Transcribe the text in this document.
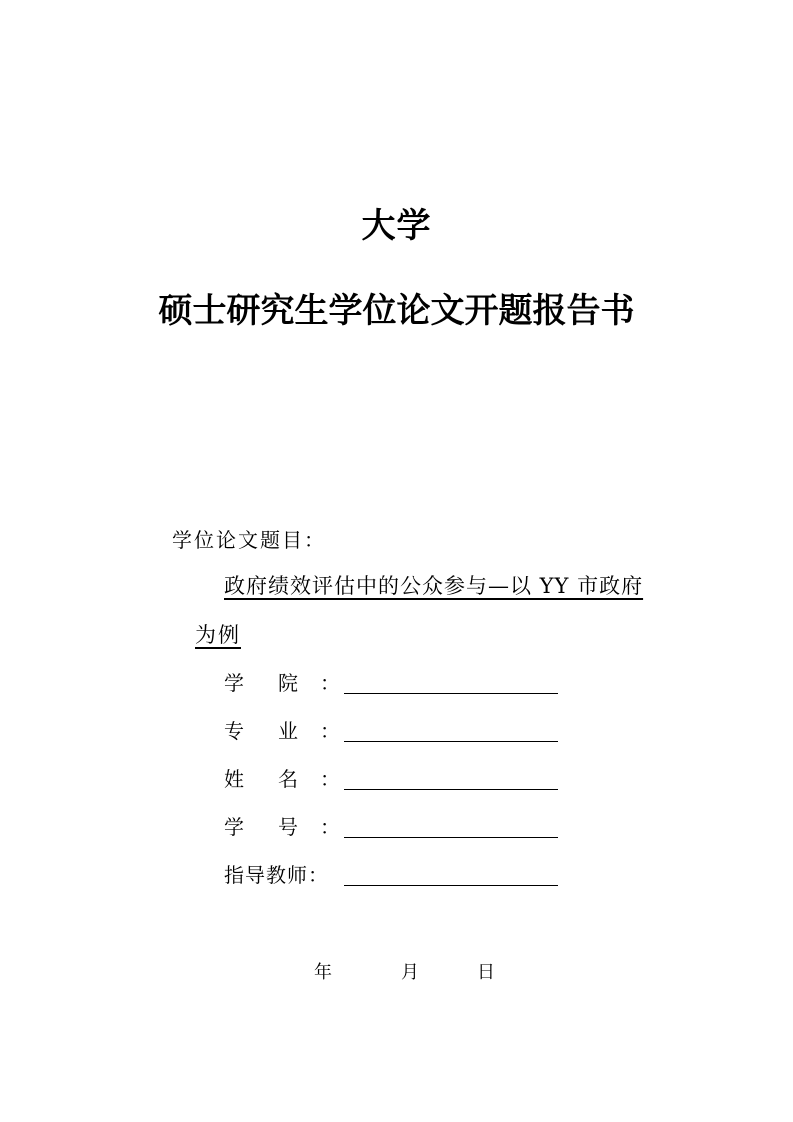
大学
硕士研究生学位论文开题报告书
学位论文题目：
政府绩效评估中的公众参与—以 YY 市政府
为例
学 院 ：
专 业 ：
姓 名 ：
学 号 ：
指导教师：
年	月	日
